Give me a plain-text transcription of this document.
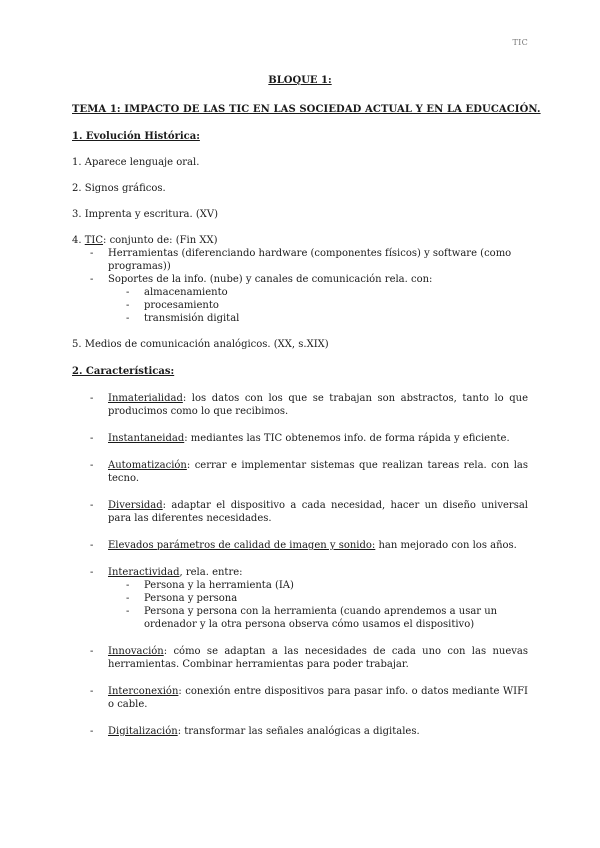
TIC

BLOQUE 1:

TEMA 1: IMPACTO DE LAS TIC EN LAS SOCIEDAD ACTUAL Y EN LA EDUCACIÓN.

1. Evolución Histórica:

1. Aparece lenguaje oral.

2. Signos gráficos.

3. Imprenta y escritura. (XV)

4. TIC: conjunto de: (Fin XX)

- Herramientas (diferenciando hardware (componentes físicos) y software (como programas))
- Soportes de la info. (nube) y canales de comunicación rela. con:
- almacenamiento
- procesamiento
- transmisión digital

5. Medios de comunicación analógicos. (XX, s.XIX)

2. Características:

- Inmaterialidad: los datos con los que se trabajan son abstractos, tanto lo que producimos como lo que recibimos.
- Instantaneidad: mediantes las TIC obtenemos info. de forma rápida y eficiente.
- Automatización: cerrar e implementar sistemas que realizan tareas rela. con las tecno.
- Diversidad: adaptar el dispositivo a cada necesidad, hacer un diseño universal para las diferentes necesidades.
- Elevados parámetros de calidad de imagen y sonido: han mejorado con los años.
- Interactividad, rela. entre:
- Persona y la herramienta (IA)
- Persona y persona
- Persona y persona con la herramienta (cuando aprendemos a usar un ordenador y la otra persona observa cómo usamos el dispositivo)
- Innovación: cómo se adaptan a las necesidades de cada uno con las nuevas herramientas. Combinar herramientas para poder trabajar.
- Interconexión: conexión entre dispositivos para pasar info. o datos mediante WIFI o cable.
- Digitalización: transformar las señales analógicas a digitales.
